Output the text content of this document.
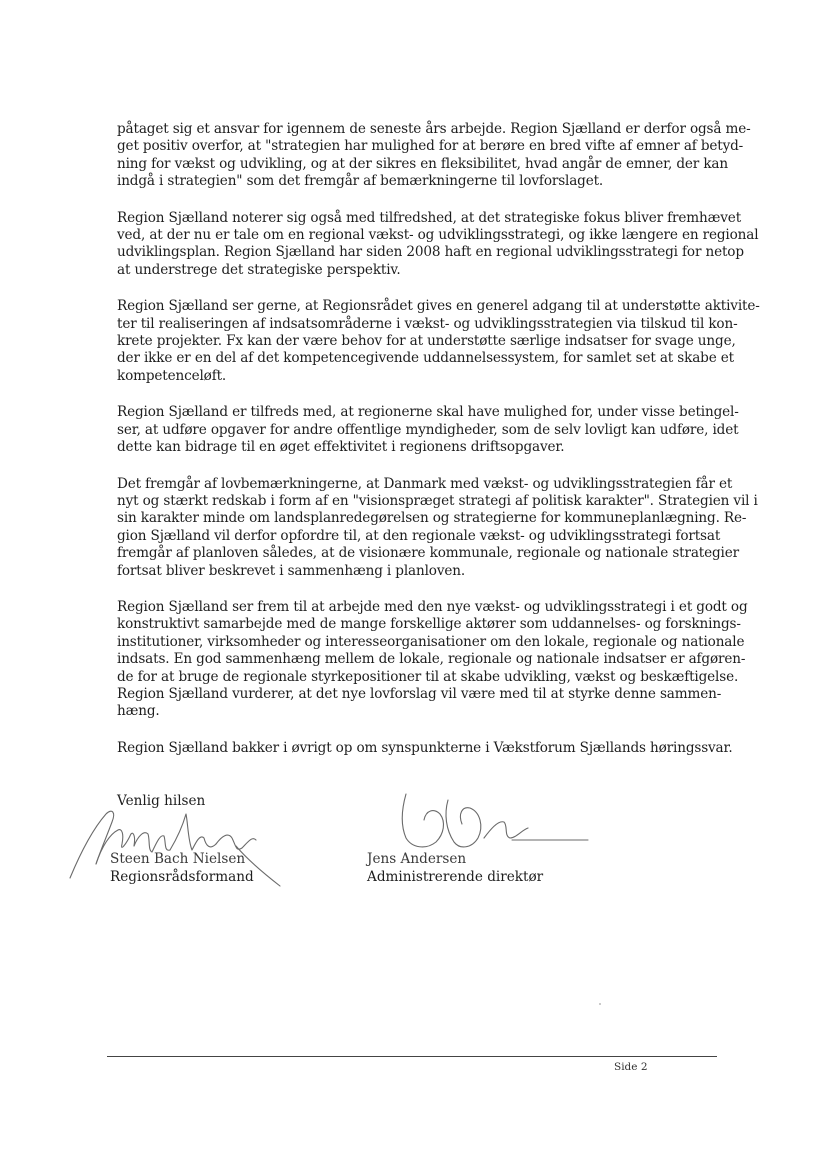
påtaget sig et ansvar for igennem de seneste års arbejde. Region Sjælland er derfor også me-
get positiv overfor, at "strategien har mulighed for at berøre en bred vifte af emner af betyd-
ning for vækst og udvikling, og at der sikres en fleksibilitet, hvad angår de emner, der kan
indgå i strategien" som det fremgår af bemærkningerne til lovforslaget.
Region Sjælland noterer sig også med tilfredshed, at det strategiske fokus bliver fremhævet
ved, at der nu er tale om en regional vækst- og udviklingsstrategi, og ikke længere en regional
udviklingsplan. Region Sjælland har siden 2008 haft en regional udviklingsstrategi for netop
at understrege det strategiske perspektiv.
Region Sjælland ser gerne, at Regionsrådet gives en generel adgang til at understøtte aktivite-
ter til realiseringen af indsatsområderne i vækst- og udviklingsstrategien via tilskud til kon-
krete projekter. Fx kan der være behov for at understøtte særlige indsatser for svage unge,
der ikke er en del af det kompetencegivende uddannelsessystem, for samlet set at skabe et
kompetenceløft.
Region Sjælland er tilfreds med, at regionerne skal have mulighed for, under visse betingel-
ser, at udføre opgaver for andre offentlige myndigheder, som de selv lovligt kan udføre, idet
dette kan bidrage til en øget effektivitet i regionens driftsopgaver.
Det fremgår af lovbemærkningerne, at Danmark med vækst- og udviklingsstrategien får et
nyt og stærkt redskab i form af en "visionspræget strategi af politisk karakter". Strategien vil i
sin karakter minde om landsplanredegørelsen og strategierne for kommuneplanlægning. Re-
gion Sjælland vil derfor opfordre til, at den regionale vækst- og udviklingsstrategi fortsat
fremgår af planloven således, at de visionære kommunale, regionale og nationale strategier
fortsat bliver beskrevet i sammenhæng i planloven.
Region Sjælland ser frem til at arbejde med den nye vækst- og udviklingsstrategi i et godt og
konstruktivt samarbejde med de mange forskellige aktører som uddannelses- og forsknings-
institutioner, virksomheder og interesseorganisationer om den lokale, regionale og nationale
indsats. En god sammenhæng mellem de lokale, regionale og nationale indsatser er afgøren-
de for at bruge de regionale styrkepositioner til at skabe udvikling, vækst og beskæftigelse.
Region Sjælland vurderer, at det nye lovforslag vil være med til at styrke denne sammen-
hæng.
Region Sjælland bakker i øvrigt op om synspunkterne i Vækstforum Sjællands høringssvar.
Venlig hilsen
Steen Bach Nielsen
Regionsrådsformand
Jens Andersen
Administrerende direktør
Side 2
